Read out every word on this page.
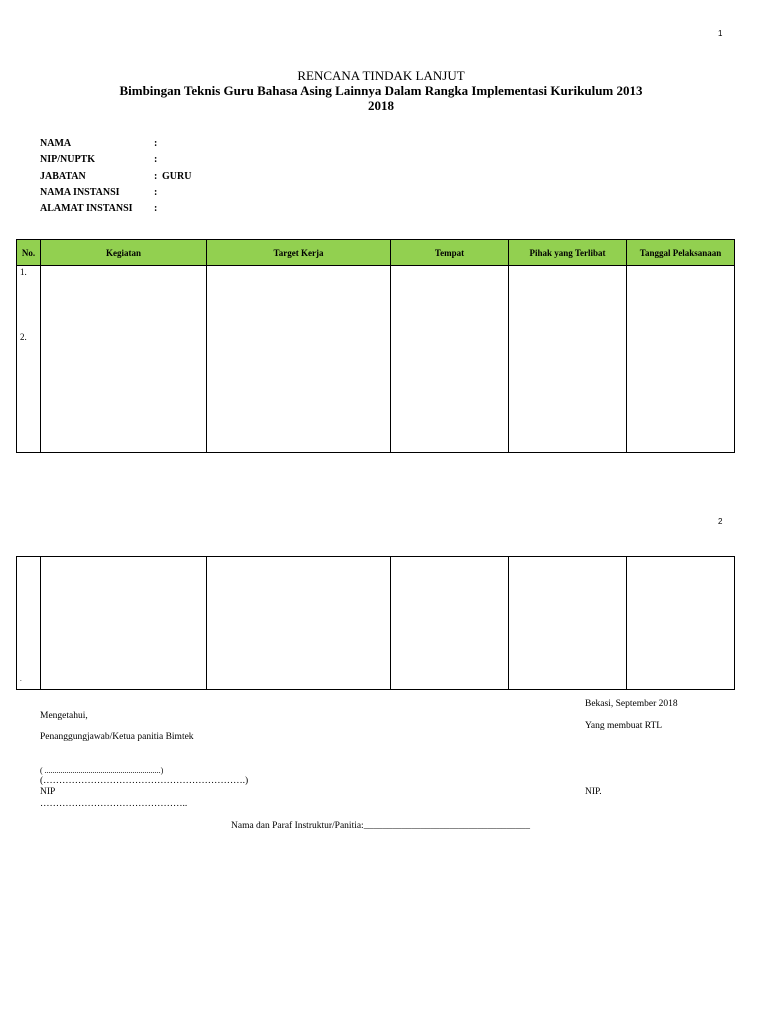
1
RENCANA TINDAK LANJUT
Bimbingan Teknis Guru Bahasa Asing Lainnya Dalam Rangka Implementasi Kurikulum 2013
2018
NAMA	:
NIP/NUPTK	:
JABATAN	: GURU
NAMA INSTANSI	:
ALAMAT INSTANSI :
No.	Kegiatan	Target Kerja	Tempat	Pihak yang Terlibat	Tanggal Pelaksanaan

1.
2.					

2
.

Bekasi, September 2018
Mengetahui,
Yang membuat RTL
Penanggungjawab/Ketua panitia Bimtek
( ..........................................................)
(……………………………………………………….)
NIP	NIP.
………………………………………..
Nama dan Paraf Instruktur/Panitia:___________________________________
